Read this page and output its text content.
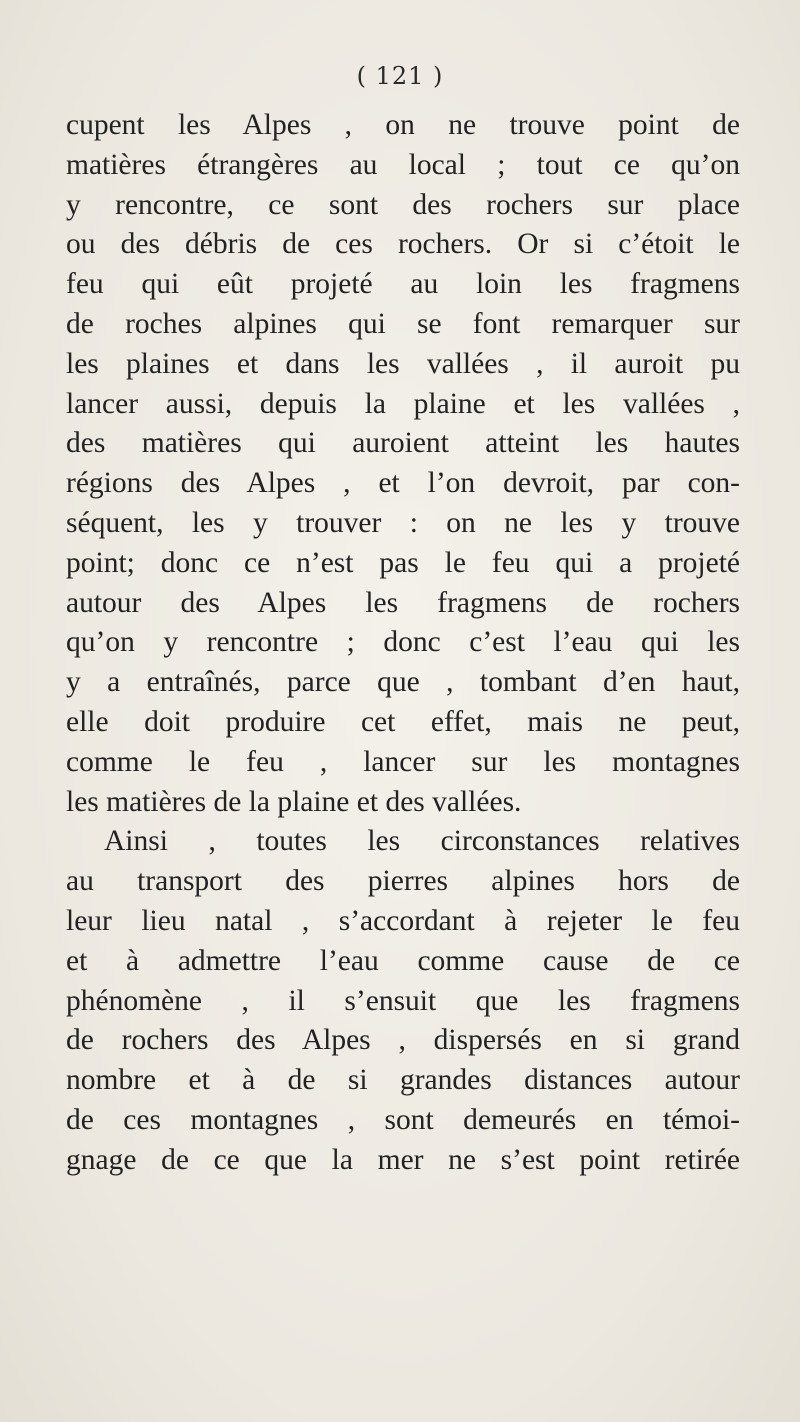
( 121 )
cupent les Alpes , on ne trouve point de
matières étrangères au local ; tout ce qu’on
y rencontre, ce sont des rochers sur place
ou des débris de ces rochers. Or si c’étoit le
feu qui eût projeté au loin les fragmens
de roches alpines qui se font remarquer sur
les plaines et dans les vallées , il auroit pu
lancer aussi, depuis la plaine et les vallées ,
des matières qui auroient atteint les hautes
régions des Alpes , et l’on devroit, par con-
séquent, les y trouver : on ne les y trouve
point; donc ce n’est pas le feu qui a projeté
autour des Alpes les fragmens de rochers
qu’on y rencontre ; donc c’est l’eau qui les
y a entraînés, parce que , tombant d’en haut,
elle doit produire cet effet, mais ne peut,
comme le feu , lancer sur les montagnes
les matières de la plaine et des vallées.
Ainsi , toutes les circonstances relatives
au transport des pierres alpines hors de
leur lieu natal , s’accordant à rejeter le feu
et à admettre l’eau comme cause de ce
phénomène , il s’ensuit que les fragmens
de rochers des Alpes , dispersés en si grand
nombre et à de si grandes distances autour
de ces montagnes , sont demeurés en témoi-
gnage de ce que la mer ne s’est point retirée
